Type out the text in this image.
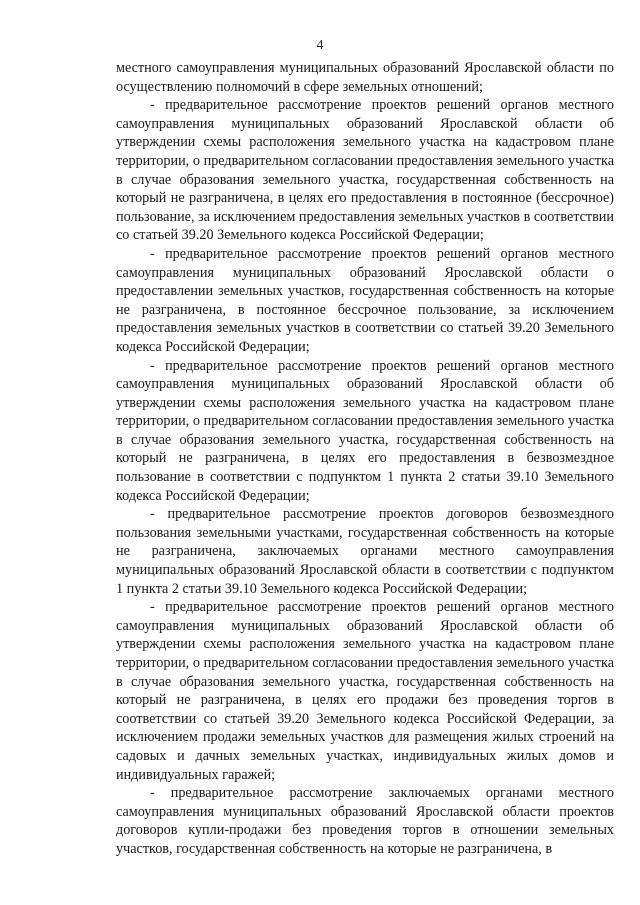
4

местного самоуправления муниципальных образований Ярославской области по осуществлению полномочий в сфере земельных отношений;

- предварительное рассмотрение проектов решений органов местного самоуправления муниципальных образований Ярославской области об утверждении схемы расположения земельного участка на кадастровом плане территории, о предварительном согласовании предоставления земельного участка в случае образования земельного участка, государственная собственность на который не разграничена, в целях его предоставления в постоянное (бессрочное) пользование, за исключением предоставления земельных участков в соответствии со статьей 39.20 Земельного кодекса Российской Федерации;

- предварительное рассмотрение проектов решений органов местного самоуправления муниципальных образований Ярославской области о предоставлении земельных участков, государственная собственность на которые не разграничена, в постоянное бессрочное пользование, за исключением предоставления земельных участков в соответствии со статьей 39.20 Земельного кодекса Российской Федерации;

- предварительное рассмотрение проектов решений органов местного самоуправления муниципальных образований Ярославской области об утверждении схемы расположения земельного участка на кадастровом плане территории, о предварительном согласовании предоставления земельного участка в случае образования земельного участка, государственная собственность на который не разграничена, в целях его предоставления в безвозмездное пользование в соответствии с подпунктом 1 пункта 2 статьи 39.10 Земельного кодекса Российской Федерации;

- предварительное рассмотрение проектов договоров безвозмездного пользования земельными участками, государственная собственность на которые не разграничена, заключаемых органами местного самоуправления муниципальных образований Ярославской области в соответствии с подпунктом 1 пункта 2 статьи 39.10 Земельного кодекса Российской Федерации;

- предварительное рассмотрение проектов решений органов местного самоуправления муниципальных образований Ярославской области об утверждении схемы расположения земельного участка на кадастровом плане территории, о предварительном согласовании предоставления земельного участка в случае образования земельного участка, государственная собственность на который не разграничена, в целях его продажи без проведения торгов в соответствии со статьей 39.20 Земельного кодекса Российской Федерации, за исключением продажи земельных участков для размещения жилых строений на садовых и дачных земельных участках, индивидуальных жилых домов и индивидуальных гаражей;

- предварительное рассмотрение заключаемых органами местного самоуправления муниципальных образований Ярославской области проектов договоров купли-продажи без проведения торгов в отношении земельных участков, государственная собственность на которые не разграничена, в
